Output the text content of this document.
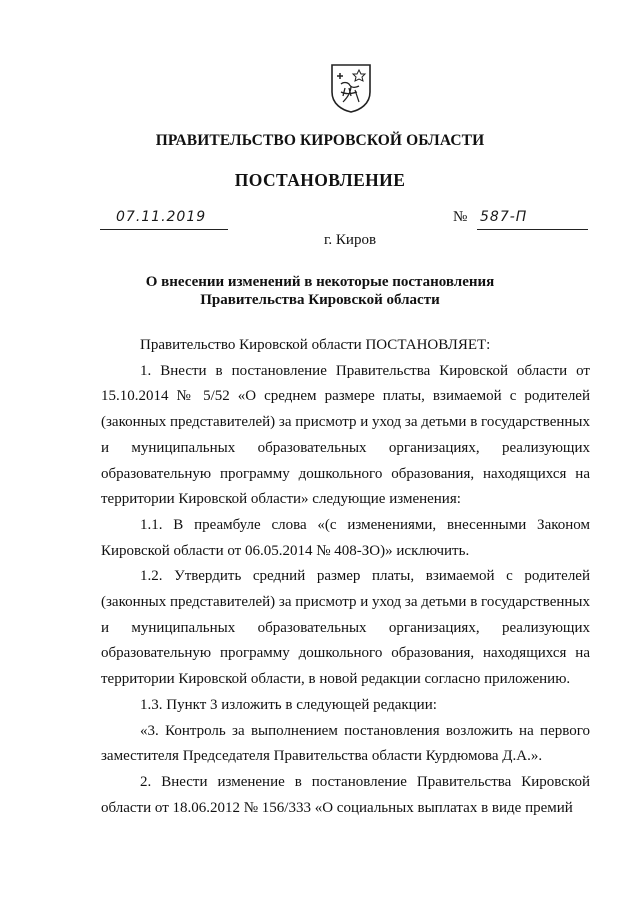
ПРАВИТЕЛЬСТВО КИРОВСКОЙ ОБЛАСТИ
ПОСТАНОВЛЕНИЕ
07.11.2019	№ 587-П
г. Киров
О внесении изменений в некоторые постановления
Правительства Кировской области

Правительство Кировской области ПОСТАНОВЛЯЕТ:

1. Внести в постановление Правительства Кировской области от 15.10.2014 № 5/52 «О среднем размере платы, взимаемой с родителей (законных представителей) за присмотр и уход за детьми в государственных и муниципальных образовательных организациях, реализующих образовательную программу дошкольного образования, находящихся на территории Кировской области» следующие изменения:

1.1. В преамбуле слова «(с изменениями, внесенными Законом Кировской области от 06.05.2014 № 408-ЗО)» исключить.

1.2. Утвердить средний размер платы, взимаемой с родителей (законных представителей) за присмотр и уход за детьми в государственных и муниципальных образовательных организациях, реализующих образовательную программу дошкольного образования, находящихся на территории Кировской области, в новой редакции согласно приложению.

1.3. Пункт 3 изложить в следующей редакции:

«3. Контроль за выполнением постановления возложить на первого заместителя Председателя Правительства области Курдюмова Д.А.».

2. Внести изменение в постановление Правительства Кировской области от 18.06.2012 № 156/333 «О социальных выплатах в виде премий
